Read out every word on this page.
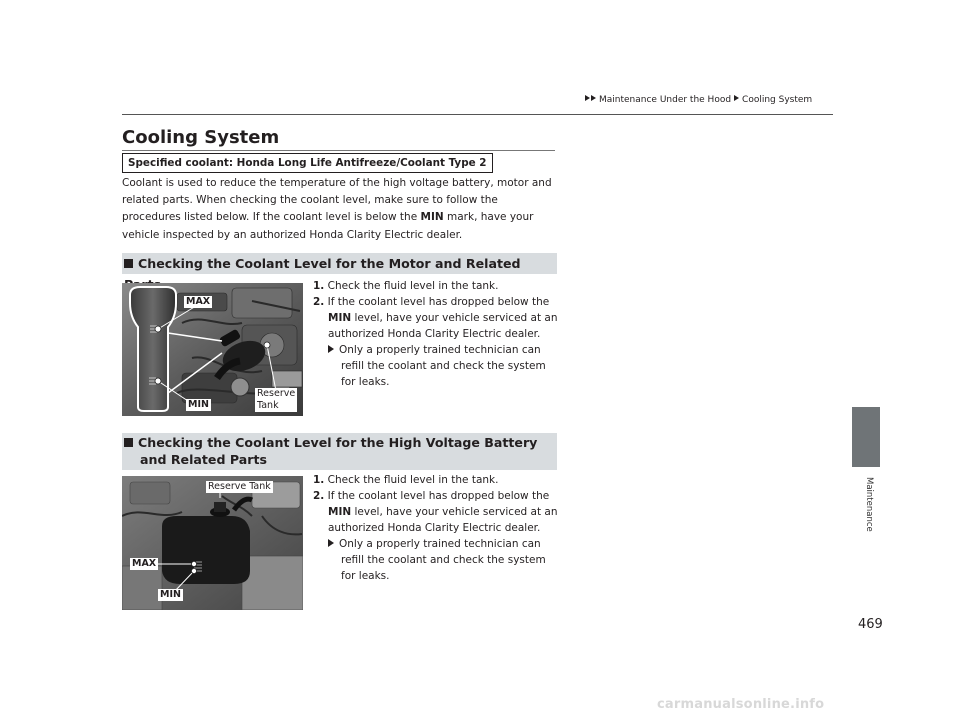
Maintenance Under the Hood Cooling System
Maintenance
Cooling System
Specified coolant: Honda Long Life Antifreeze/Coolant Type 2
Coolant is used to reduce the temperature of the high voltage battery, motor and related parts. When checking the coolant level, make sure to follow the procedures listed below. If the coolant level is below the MIN mark, have your vehicle inspected by an authorized Honda Clarity Electric dealer.
Checking the Coolant Level for the Motor and Related
MAX
MIN
Reserve
Tank
1. Check the fluid level in the tank.
2. If the coolant level has dropped below the
MIN level, have your vehicle serviced at an
authorized Honda Clarity Electric dealer.
Only a properly trained technician can
refill the coolant and check the system
for leaks.
Checking the Coolant Level for the High Voltage Battery
and Related Parts
Reserve Tank
MAX
MIN
1. Check the fluid level in the tank.
2. If the coolant level has dropped below the
MIN level, have your vehicle serviced at an
authorized Honda Clarity Electric dealer.
Only a properly trained technician can
refill the coolant and check the system
for leaks.
469
carmanualsonline.info
